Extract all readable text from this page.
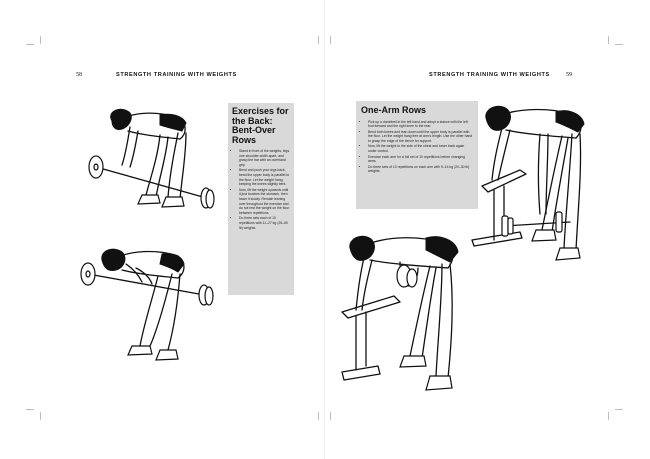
58	STRENGTH TRAINING WITH WEIGHTS	STRENGTH TRAINING WITH WEIGHTS	59
Exercises for the Back: Bent-Over Rows
• Stand in front of the weights, legs one shoulder-width apart, and grasp the bar with an overhand grip.
• Bend and push your legs back, bend the upper body is parallel to the floor. Let the weight hang, keeping the knees slightly bent.
• Now, lift the weight upwards until it just touches the stomach, then lower it slowly. Remain leaning over throughout the exercise and do not rest the weight on the floor between repetitions.
• Do three sets each of 10 repetitions with 11–27 kg (25–60 lb) weights.
One-Arm Rows
• Pick up a dumbbell in the left hand and adopt a stance with the left foot forward and the right knee to the rear.
• Bend both knees and lean down until the upper body is parallel with the floor. Let the weight hang free at arm's length. Use the other hand to grasp the edge of the bench for support.
• Now, lift the weight to the side of the chest and lower back again under control.
• Exercise each arm for a full set of 10 repetitions before changing arms.
• Do three sets of 10 repetitions on each arm with 9–14 kg (20–30 lb) weights.
